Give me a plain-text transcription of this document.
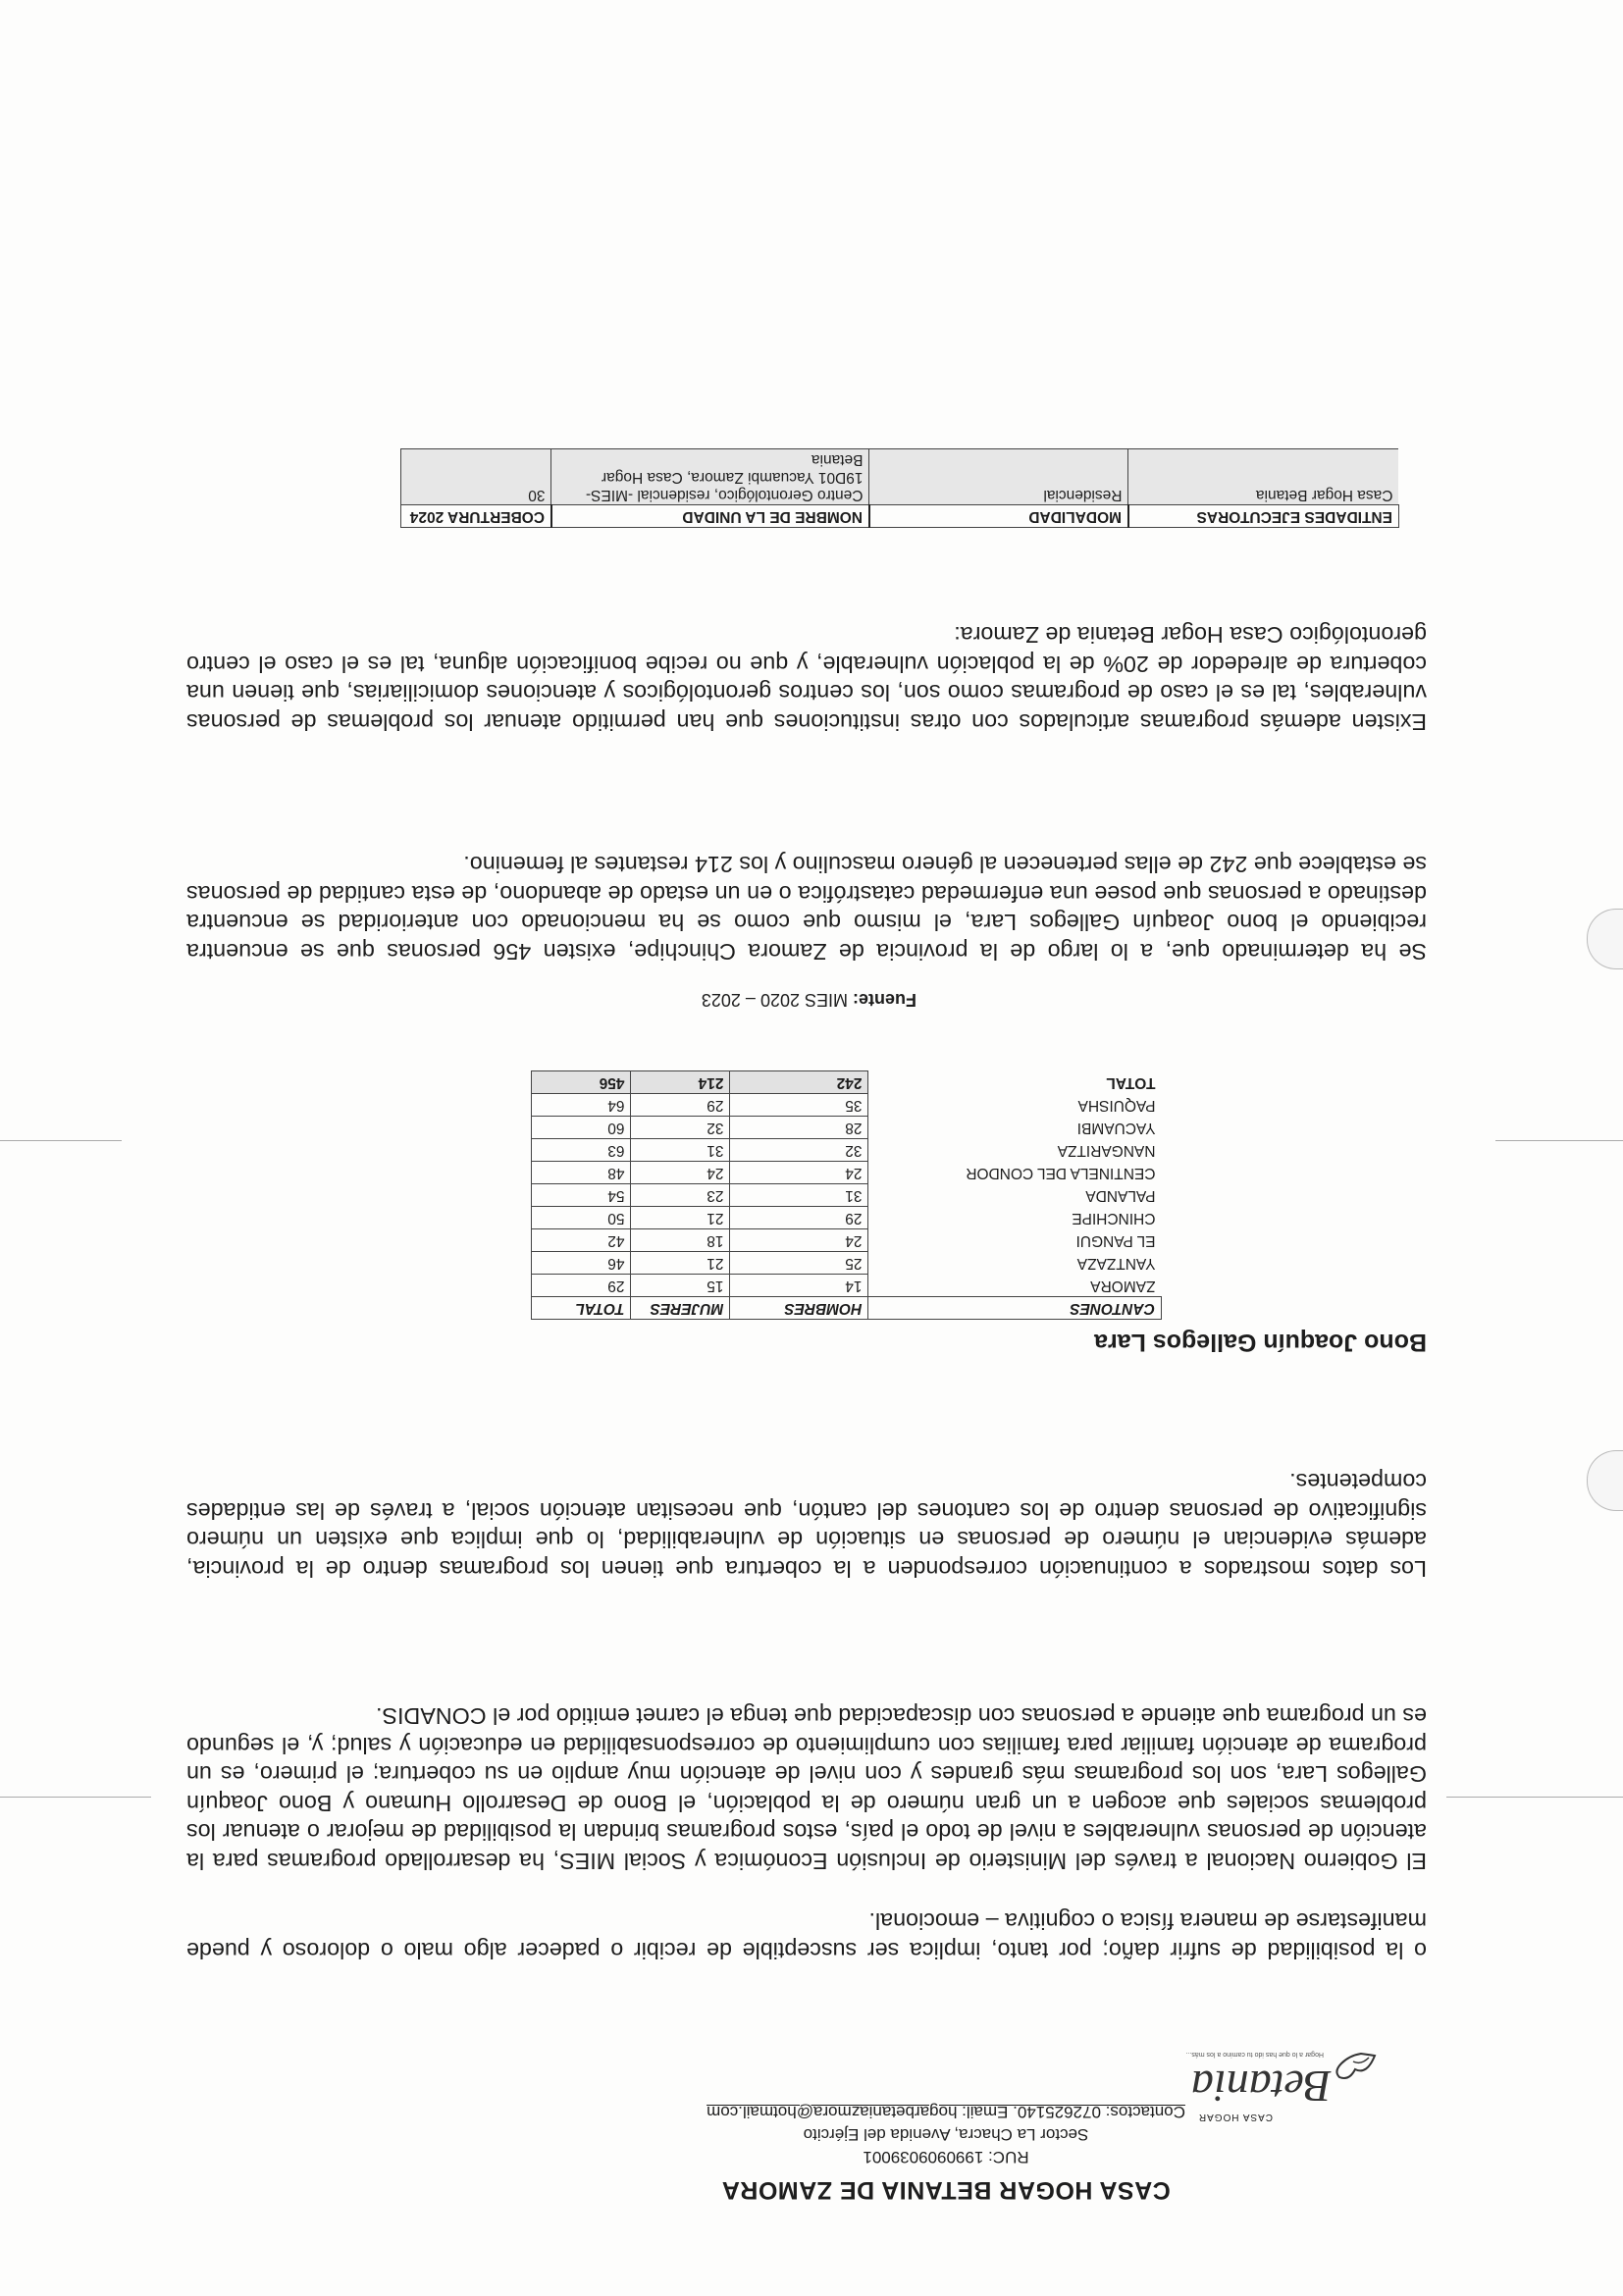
CASA HOGAR
Betania
Hogar a lo que has ido tu camino a los más...
CASA HOGAR BETANIA DE ZAMORA
RUC: 1990909039001
Sector La Chacra, Avenida del Ejército
Contactos: 072625140. Email: hogarbetaniazmora@hotmail.com

o la posibilidad de sufrir daño; por tanto, implica ser susceptible de recibir o padecer algo malo o doloroso y puede manifestarse de manera física o cognitiva – emocional.

El Gobierno Nacional a través del Ministerio de Inclusión Económica y Social MIES, ha desarrollado programas para la atención de personas vulnerables a nivel de todo el país, estos programas brindan la posibilidad de mejorar o atenuar los problemas sociales que acogen a un gran número de la población, el Bono de Desarrollo Humano y Bono Joaquín Gallegos Lara, son los programas más grandes y con nivel de atención muy amplio en su cobertura; el primero, es un programa de atención familiar para familias con cumplimiento de corresponsabilidad en educación y salud; y, el segundo es un programa que atiende a personas con discapacidad que tenga el carnet emitido por el CONADIS.

Los datos mostrados a continuación corresponden a la cobertura que tienen los programas dentro de la provincia, además evidencian el número de personas en situación de vulnerabilidad, lo que implica que existen un número significativo de personas dentro de los cantones del cantón, que necesitan atención social, a través de las entidades competentes.

Bono Joaquín Gallegos Lara
CANTONES	HOMBRES	MUJERES	TOTAL
ZAMORA	14	15	29
YANTZAZA	25	21	46
EL PANGUI	24	18	42
CHINCHIPE	29	21	50
PALANDA	31	23	54
CENTINELA DEL CONDOR	24	24	48
NANGARITZA	32	31	63
YACUAMBI	28	32	60
PAQUISHA	35	29	64
TOTAL	242	214	456
Fuente: MIES 2020 – 2023

Se ha determinado que, a lo largo de la provincia de Zamora Chinchipe, existen 456 personas que se encuentra recibiendo el bono Joaquín Gallegos Lara, el mismo que como se ha mencionado con anterioridad se encuentra destinado a personas que posee una enfermedad catastrófica o en un estado de abandono, de esta cantidad de personas se establece que 242 de ellas pertenecen al género masculino y los 214 restantes al femenino.

Existen además programas articulados con otras instituciones que han permitido atenuar los problemas de personas vulnerables, tal es el caso de programas como son, los centros gerontológicos y atenciones domiciliarias, que tienen una cobertura de alrededor de 20% de la población vulnerable, y que no recibe bonificación alguna, tal es el caso el centro gerontológico Casa Hogar Betania de Zamora:

ENTIDADES EJECUTORAS	MODALIDAD	NOMBRE DE LA UNIDAD	COBERTURA 2024
Casa Hogar Betania	Residencial	Centro Gerontológico, residencial -MIES- 19D01 Yacuambi Zamora, Casa Hogar Betania	30
